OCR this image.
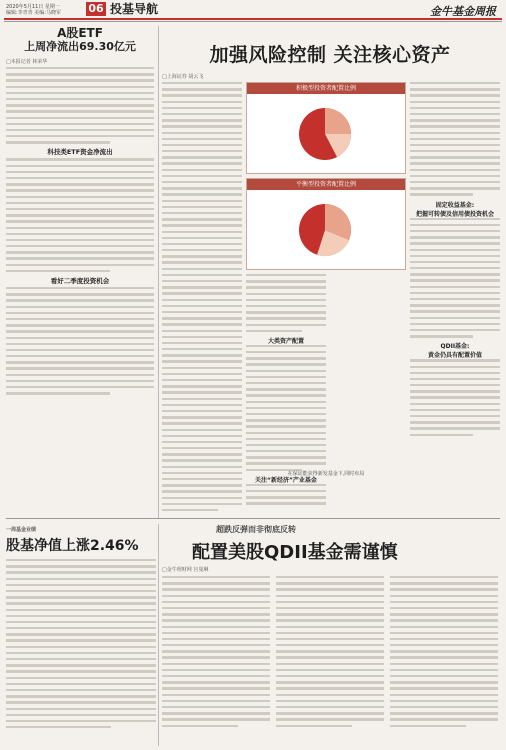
2020年5月11日 星期一
编辑:李青青 美编:马晓军 06 投基导航	金牛基金周报
A股ETF
上周净流出69.30亿元
□本报记者 林荣华
科技类ETF资金净流出
看好二季度投资机会
加强风险控制 关注核心资产
□上海证券 胡云飞
积极型投资者配置比例
平衡型投资者配置比例
大类资产配置
关注“新经济”产业基金
固定收益基金:
把握可转债及信用债投资机会
QDII基金:
黄金仍具有配置价值
在保证能获得新发基金下,同时布局
一周基金业绩
股基净值上涨2.46%
超跌反弹而非彻底反转
配置美股QDII基金需谨慎
□金牛理财网 宫曼琳
